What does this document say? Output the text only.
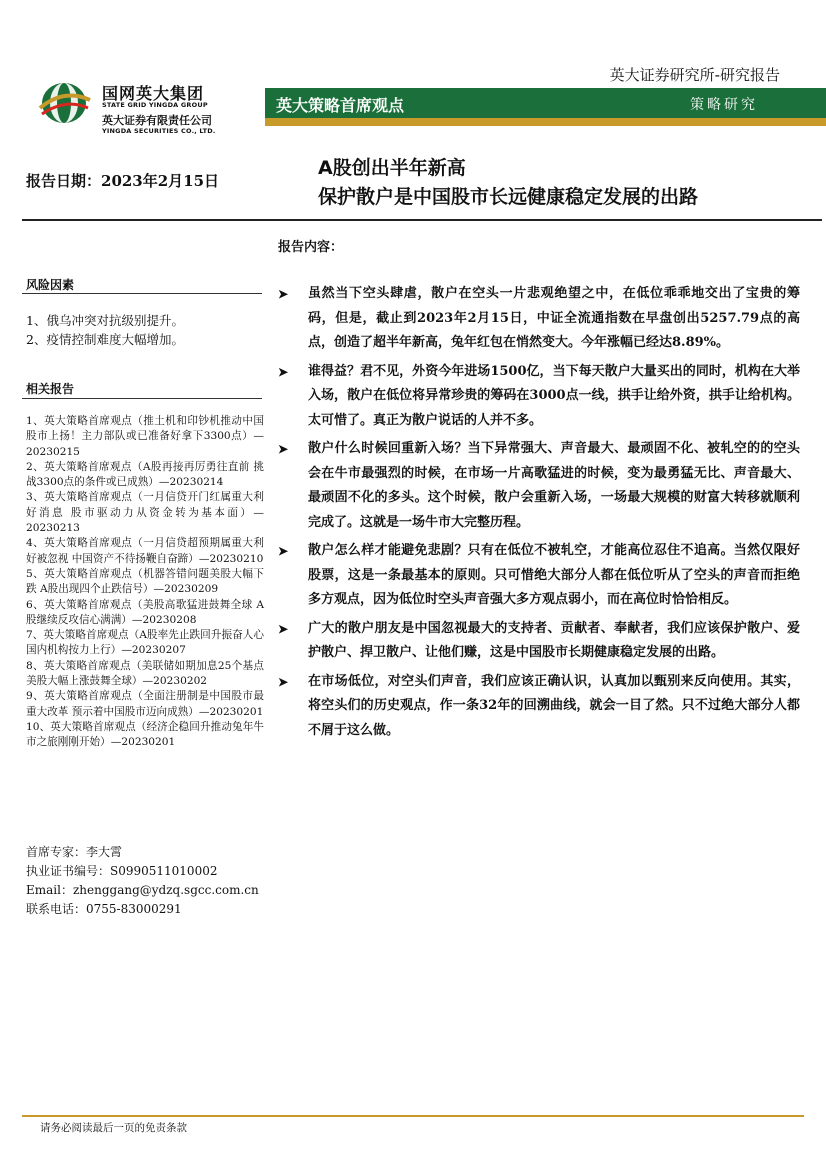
国网英大集团
STATE GRID YINGDA GROUP
英大证券有限责任公司
YINGDA SECURITIES CO., LTD.
英大证券研究所-研究报告
英大策略首席观点	策略研究
报告日期：2023年2月15日
A股创出半年新高
保护散户是中国股市长远健康稳定发展的出路
风险因素
1、俄乌冲突对抗级别提升。
2、疫情控制难度大幅增加。
相关报告
1、英大策略首席观点（推土机和印钞机推动中国股市上扬！主力部队或已准备好拿下3300点）—20230215
2、英大策略首席观点（A股再接再厉勇往直前 挑战3300点的条件或已成熟）—20230214
3、英大策略首席观点（一月信贷开门红属重大利好消息 股市驱动力从资金转为基本面）—20230213
4、英大策略首席观点（一月信贷超预期属重大利好被忽视 中国资产不待扬鞭自奋蹄）—20230210
5、英大策略首席观点（机器答错问题美股大幅下跌 A股出现四个止跌信号）—20230209
6、英大策略首席观点（美股高歌猛进鼓舞全球 A股继续反攻信心满满）—20230208
7、英大策略首席观点（A股率先止跌回升振奋人心 国内机构按力上行）—20230207
8、英大策略首席观点（美联储如期加息25个基点 美股大幅上涨鼓舞全球）—20230202
9、英大策略首席观点（全面注册制是中国股市最重大改革 预示着中国股市迈向成熟）—20230201
10、英大策略首席观点（经济企稳回升推动兔年牛市之旅刚刚开始）—20230201
首席专家：李大霄
执业证书编号：S0990511010002
Email：zhenggang@ydzq.sgcc.com.cn
联系电话：0755-83000291
报告内容：
➤ 虽然当下空头肆虐，散户在空头一片悲观绝望之中，在低位乖乖地交出了宝贵的筹码，但是，截止到2023年2月15日，中证全流通指数在早盘创出5257.79点的高点，创造了超半年新高，兔年红包在悄然变大。今年涨幅已经达8.89%。
➤ 谁得益？君不见，外资今年进场1500亿，当下每天散户大量买出的同时，机构在大举入场，散户在低位将异常珍贵的筹码在3000点一线，拱手让给外资，拱手让给机构。太可惜了。真正为散户说话的人并不多。
➤ 散户什么时候回重新入场？当下异常强大、声音最大、最顽固不化、被轧空的的空头会在牛市最强烈的时候，在市场一片高歌猛进的时候，变为最勇猛无比、声音最大、最顽固不化的多头。这个时候，散户会重新入场，一场最大规模的财富大转移就顺利完成了。这就是一场牛市大完整历程。
➤ 散户怎么样才能避免悲剧？只有在低位不被轧空，才能高位忍住不追高。当然仅限好股票，这是一条最基本的原则。只可惜绝大部分人都在低位听从了空头的声音而拒绝多方观点，因为低位时空头声音强大多方观点弱小，而在高位时恰恰相反。
➤ 广大的散户朋友是中国忽视最大的支持者、贡献者、奉献者，我们应该保护散户、爱护散户、捍卫散户、让他们赚，这是中国股市长期健康稳定发展的出路。
➤ 在市场低位，对空头们声音，我们应该正确认识，认真加以甄别来反向使用。其实，将空头们的历史观点，作一条32年的回溯曲线，就会一目了然。只不过绝大部分人都不屑于这么做。
请务必阅读最后一页的免责条款
